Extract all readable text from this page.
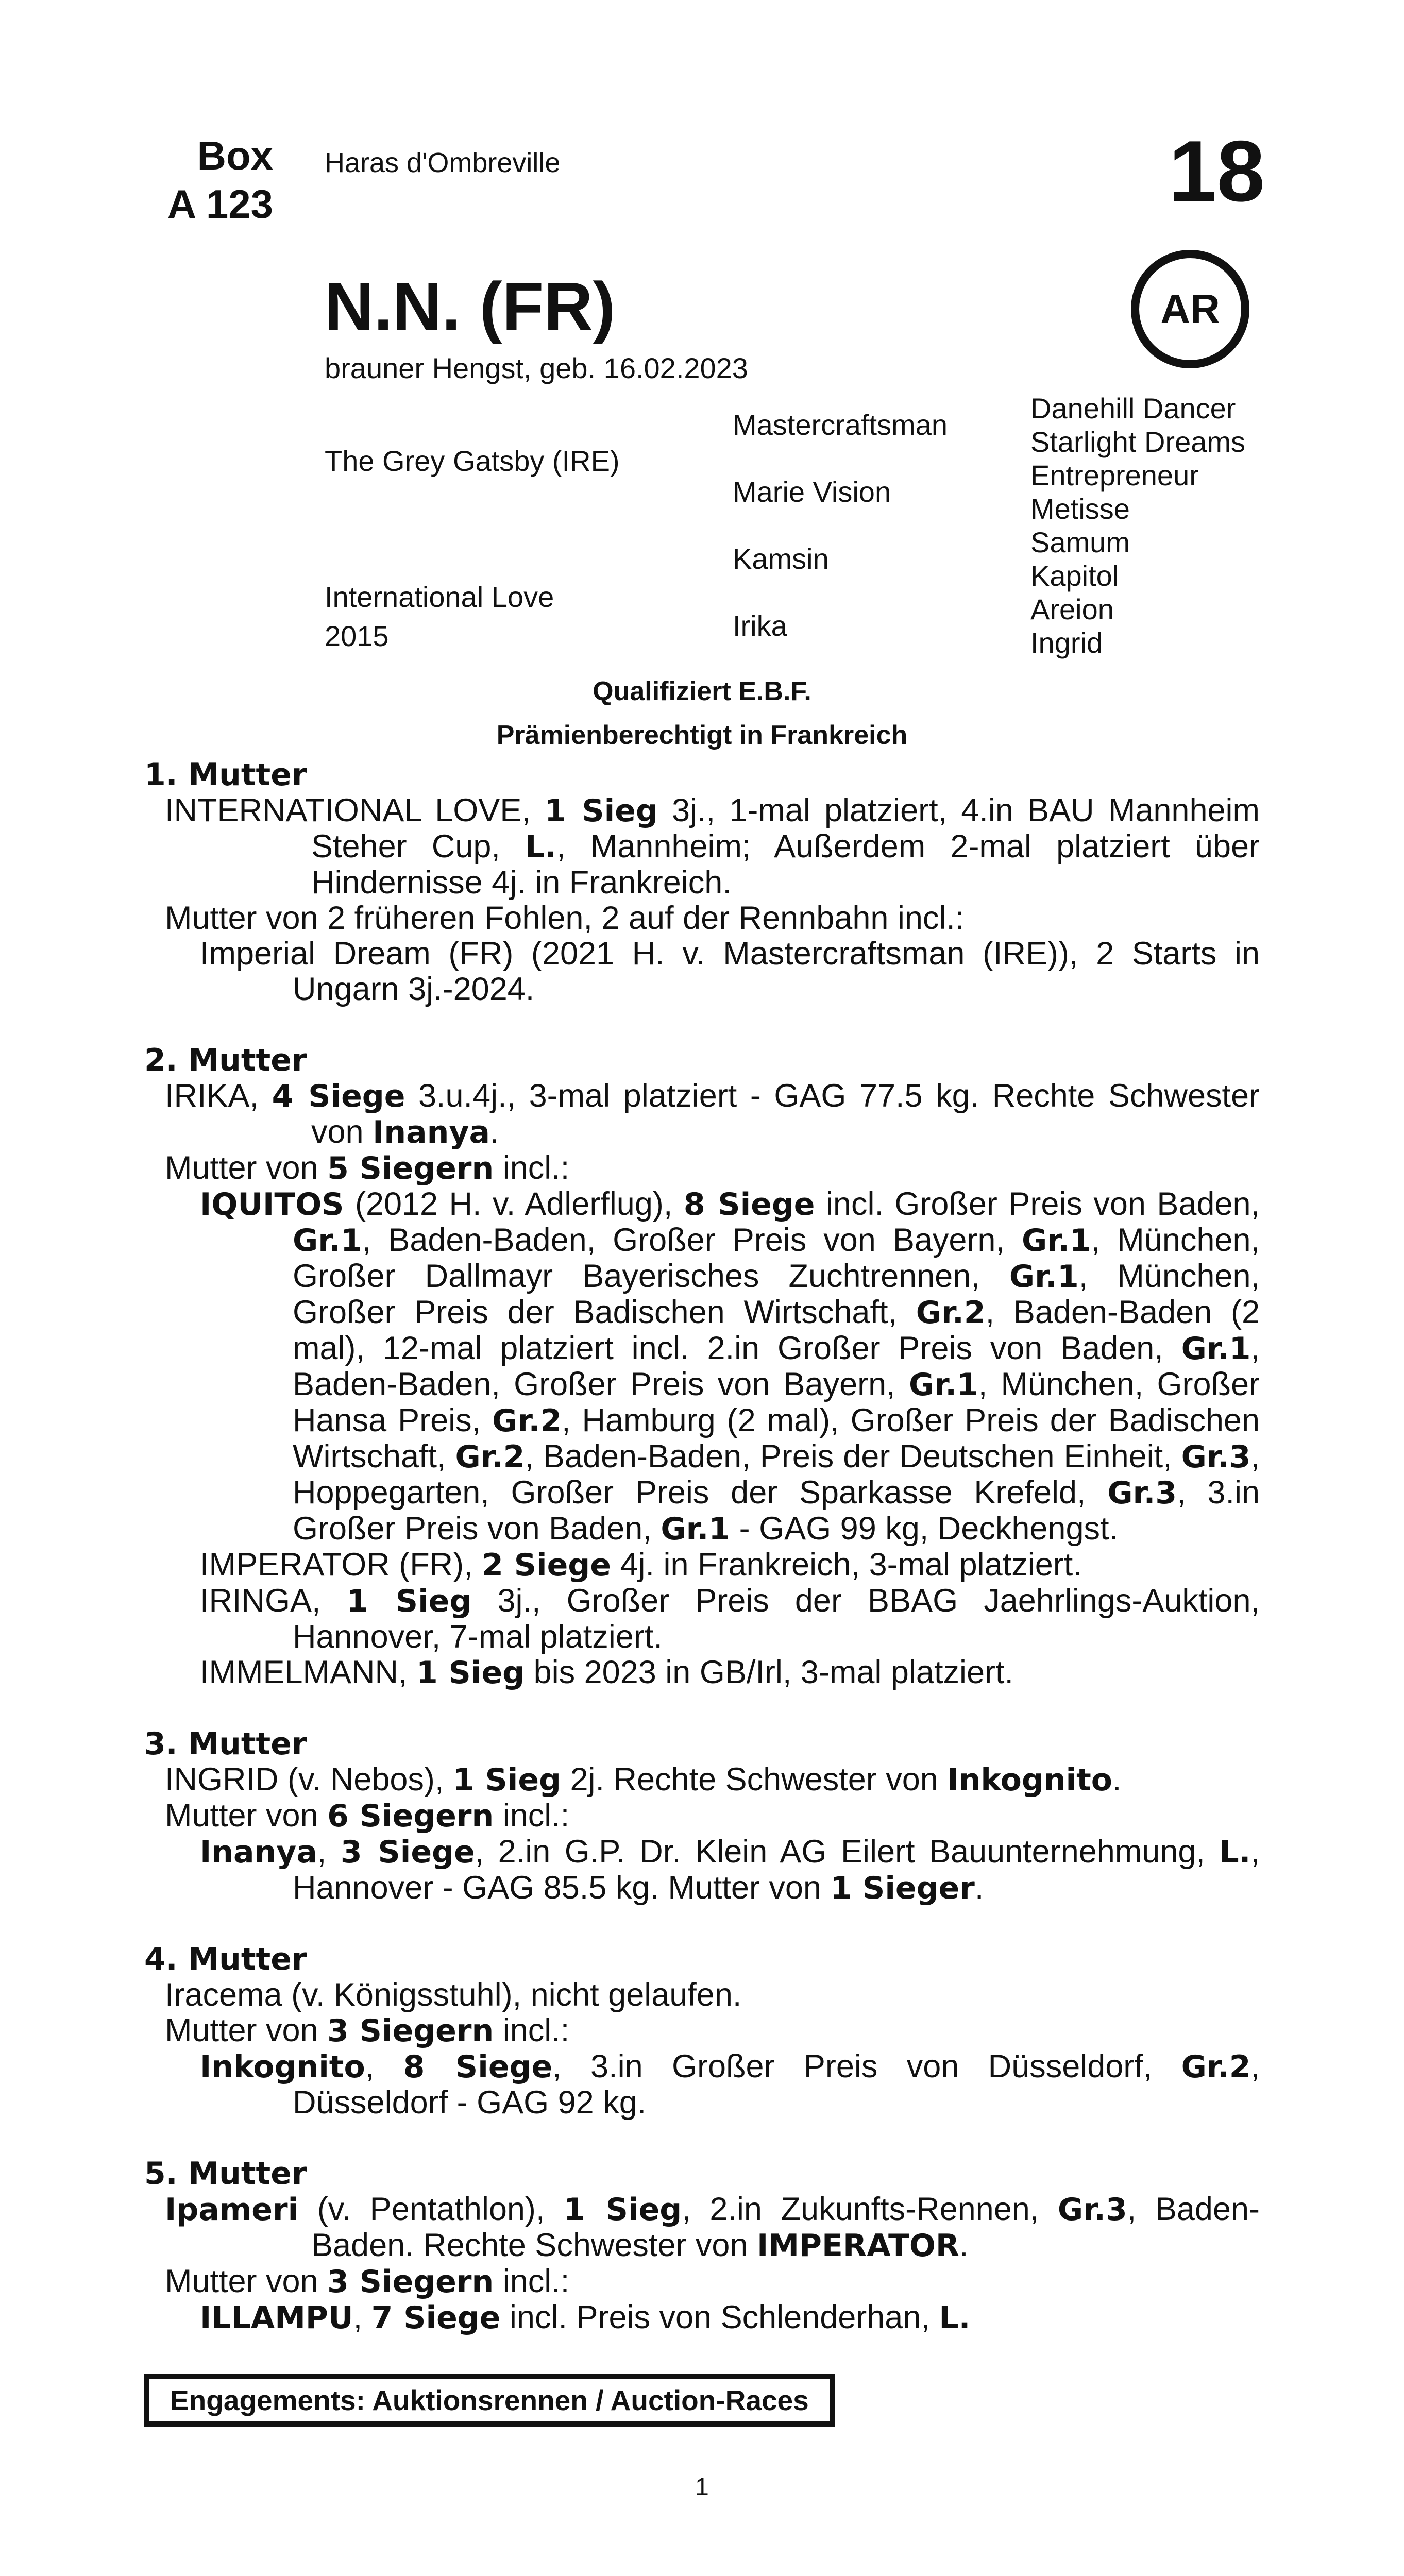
Box
A 123
Haras d'Ombreville	18
AR
N.N. (FR)
brauner Hengst, geb. 16.02.2023
The Grey Gatsby (IRE)
International Love
2015
Mastercraftsman
Marie Vision
Kamsin
Irika
Danehill Dancer
Starlight Dreams
Entrepreneur
Metisse
Samum
Kapitol
Areion
Ingrid
Qualifiziert E.B.F.
Prämienberechtigt in Frankreich
1. Mutter
INTERNATIONAL LOVE, 1 Sieg 3j., 1-mal platziert, 4.in BAU Mannheim Steher Cup, L., Mannheim; Außerdem 2-mal platziert über Hindernisse 4j. in Frankreich.
Mutter von 2 früheren Fohlen, 2 auf der Rennbahn incl.:
Imperial Dream (FR) (2021 H. v. Mastercraftsman (IRE)), 2 Starts in Ungarn 3j.-2024.
2. Mutter
IRIKA, 4 Siege 3.u.4j., 3-mal platziert - GAG 77.5 kg. Rechte Schwester von Inanya.
Mutter von 5 Siegern incl.:
IQUITOS (2012 H. v. Adlerflug), 8 Siege incl. Großer Preis von Baden, Gr.1, Baden-Baden, Großer Preis von Bayern, Gr.1, München, Großer Dallmayr Bayerisches Zuchtrennen, Gr.1, München, Großer Preis der Badischen Wirtschaft, Gr.2, Baden-Baden (2 mal), 12-mal platziert incl. 2.in Großer Preis von Baden, Gr.1, Baden-Baden, Großer Preis von Bayern, Gr.1, München, Großer Hansa Preis, Gr.2, Hamburg (2 mal), Großer Preis der Badischen Wirtschaft, Gr.2, Baden-Baden, Preis der Deutschen Einheit, Gr.3, Hoppegarten, Großer Preis der Sparkasse Krefeld, Gr.3, 3.in Großer Preis von Baden, Gr.1 - GAG 99 kg, Deckhengst.
IMPERATOR (FR), 2 Siege 4j. in Frankreich, 3-mal platziert.
IRINGA, 1 Sieg 3j., Großer Preis der BBAG Jaehrlings-Auktion, Hannover, 7-mal platziert.
IMMELMANN, 1 Sieg bis 2023 in GB/Irl, 3-mal platziert.
3. Mutter
INGRID (v. Nebos), 1 Sieg 2j. Rechte Schwester von Inkognito.
Mutter von 6 Siegern incl.:
Inanya, 3 Siege, 2.in G.P. Dr. Klein AG Eilert Bauunternehmung, L., Hannover - GAG 85.5 kg. Mutter von 1 Sieger.
4. Mutter
Iracema (v. Königsstuhl), nicht gelaufen.
Mutter von 3 Siegern incl.:
Inkognito, 8 Siege, 3.in Großer Preis von Düsseldorf, Gr.2, Düsseldorf - GAG 92 kg.
5. Mutter
Ipameri (v. Pentathlon), 1 Sieg, 2.in Zukunfts-Rennen, Gr.3, Baden-Baden. Rechte Schwester von IMPERATOR.
Mutter von 3 Siegern incl.:
ILLAMPU, 7 Siege incl. Preis von Schlenderhan, L.
Engagements: Auktionsrennen / Auction-Races
1
